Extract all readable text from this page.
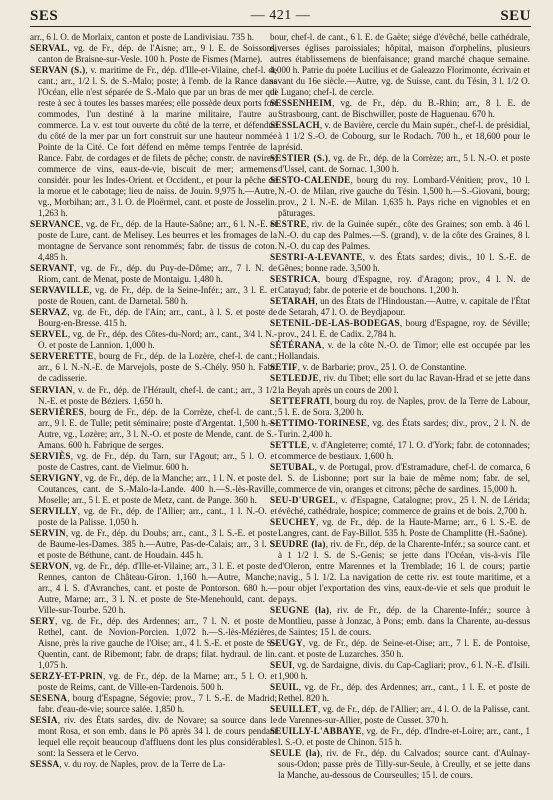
SES	— 421 —	SEU

arr., 6 l. O. de Morlaix, canton et poste de Landivisiau. 735 h.

SERVAL, vg. de Fr., dép. de l'Aisne; arr., 9 l. E. de Soissons, canton de Braisne-sur-Vesle. 100 h. Poste de Fismes (Marne).

SERVAN (S.), v. maritime de Fr., dép. d'Ille-et-Vilaine, chef-l. de cant.; arr., 1/2 l. S. de S.-Malo; poste; à l'emb. de la Rance dans l'Océan, elle n'est séparée de S.-Malo que par un bras de mer qui reste à sec à toutes les basses marées; elle possède deux ports fort commodes, l'un destiné à la marine militaire, l'autre au commerce. La v. est tout ouverte du côté de la terre, et défendue du côté de la mer par un fort construit sur une hauteur nommée Pointe de la Cité. Ce fort défend en même temps l'entrée de la Rance. Fabr. de cordages et de filets de pêche; constr. de navires; commerce de vins, eaux-de-vie, biscuit de mer; armemens considér. pour les Indes-Orient. et Occident., et pour la pêche de la morue et le cabotage; lieu de naiss. de Jouin. 9,975 h.—Autre, vg., Morbihan; arr., 3 l. O. de Ploërmel, cant. et poste de Josselin. 1,263 h.

SERVANCE, vg. de Fr., dép. de la Haute-Saône; arr., 6 l. N.-E. et poste de Lure, cant. de Melisey. Les beurres et les fromages de la montagne de Servance sont renommés; fabr. de tissus de coton. 4,485 h.

SERVANT, vg. de Fr., dép. du Puy-de-Dôme; arr., 7 l. N. de Riom, cant. de Menat, poste de Montaigu. 1,480 h.

SERVAVILLE, vg. de Fr., dép. de la Seine-Infér.; arr., 3 l. E. et poste de Rouen, cant. de Darnetal. 580 h.

SERVAZ, vg. de Fr., dép. de l'Ain; arr., cant., à l. S. et poste de Bourg-en-Bresse. 415 h.

SERVEL, vg. de Fr., dép. des Côtes-du-Nord; arr., cant., 3/4 l. N.-O. et poste de Lannion. 1,000 h.

SERVERETTE, bourg de Fr., dép. de la Lozère, chef-l. de cant.; arr., 6 l. N.-N.-E. de Marvejols, poste de S.-Chély. 950 h. Fabr. de cadisserie.

SERVIAN, v. de Fr., dép. de l'Hérault, chef-l. de cant.; arr., 3 1/2 N.-E. et poste de Béziers. 1,650 h.

SERVIÈRES, bourg de Fr., dép. de la Corrèze, chef-l. de cant.; arr., 9 l. E. de Tulle; petit séminaire; poste d'Argentat. 1,500 h.—Autre, vg., Lozère; arr., 3 l. N.-O. et poste de Mende, cant. de S.-Amans. 600 h. Fabrique de serges.

SERVIÈS, vg. de Fr., dép. du Tarn, sur l'Agout; arr., 5 l. O. et poste de Castres, cant. de Vielmur. 600 h.

SERVIGNY, vg. de Fr., dép. de la Manche; arr., 1 l. N. et poste de Coutances, cant. de S.-Malo-la-Lande. 400 h.—S.-lès-Raville, Moselle; arr., 5 l. E. et poste de Metz, cant. de Pange. 360 h.

SERVILLY, vg. de Fr., dép. de l'Allier; arr., cant., 1 l. N.-O. et poste de la Palisse. 1,050 h.

SERVIN, vg. de Fr., dép. du Doubs; arr., cant., 3 l. S.-E. et poste de Baume-les-Dames. 385 h.—Autre, Pas-de-Calais; arr., 3 l. S. et poste de Béthune, cant. de Houdain. 445 h.

SERVON, vg. de Fr., dép. d'Ille-et-Vilaine; arr., 3 l. E. et poste de Rennes, canton de Château-Giron. 1,160 h.—Autre, Manche; arr., 4 l. S. d'Avranches, cant. et poste de Pontorson. 680 h.—Autre, Marne; arr., 3 l. N. et poste de Ste-Menehould, cant. de Ville-sur-Tourbe. 520 h.

SERY, vg. de Fr., dép. des Ardennes; arr., 7 l. N. et poste de Rethel, cant. de Novion-Porcien. 1,072 h.—S.-lès-Mézières, Aisne, près la rive gauche de l'Oise; arr., 4 l. S.-E. et poste de S.-Quentin, cant. de Ribemont; fabr. de draps; filat. hydraul. de lin. 1,075 h.

SERZY-ET-PRIN, vg. de Fr., dép. de la Marne; arr., 5 l. O. et poste de Reims, cant. de Ville-en-Tardenois. 500 h.

SESENA, bourg d'Espagne, Ségovie; prov., 7 l. S.-E. de Madrid; fabr. d'eau-de-vie; source salée. 1,850 h.

SESIA, riv. des États sardes, div. de Novare; sa source dans le mont Rosa, et son emb. dans le Pô après 34 l. de cours pendant lequel elle reçoit beaucoup d'affluens dont les plus considérables sont: la Sessera et le Cervo.

SESSA, v. du roy. de Naples, prov. de la Terre de La-

bour, chef-l. de cant., 6 l. E. de Gaëte; siége d'évêché, belle cathédrale, diverses églises paroissiales; hôpital, maison d'orphelins, plusieurs autres établissemens de bienfaisance; grand marché chaque semaine. 4,000 h. Patrie du poète Lucilius et de Galeazzo Florimonte, écrivain et savant du 16e siècle.—Autre, vg. de Suisse, cant. du Tésin, 3 l. 1/2 O. de Lugano; chef-l. de cercle.

SESSENHEIM, vg. de Fr., dép. du B.-Rhin; arr., 8 l. E. de Strasbourg, cant. de Bischwiller, poste de Haguenau. 670 h.

SESSLACH, v. de Bavière, cercle du Main supér., chef-l. de présidial, à 1 1/2 S.-O. de Cobourg, sur le Rodach. 700 h., et 18,600 pour le présid.

SESTIER (S.), vg. de Fr., dép. de la Corrèze; arr., 5 l. N.-O. et poste d'Ussel, cant. de Sornac. 1,300 h.

SESTO-CALENDE, bourg du roy. Lombard-Vénitien; prov., 10 l. N.-O. de Milan, rive gauche du Tésin. 1,500 h.—S.-Giovani, bourg; prov., 2 l. N.-E. de Milan. 1,635 h. Pays riche en vignobles et en pâturages.

SESTRE, riv. de la Guinée supér., côte des Graines; son emb. à 46 l. N.-O. du cap des Palmes.—S. (grand), v. de la côte des Graines, 8 l. N.-O. du cap des Palmes.

SESTRI-A-LEVANTE, v. des États sardes; divis., 10 l. S.-E. de Gênes; bonne rade. 3,500 h.

SESTRICA, bourg d'Espagne, roy. d'Aragon; prov., 4 l. N. de Catayud; fabr. de poterie et de bouchons. 1,200 h.

SETARAH, un des États de l'Hindoustan.—Autre, v. capitale de l'État de Setarah, 47 l. O. de Beydjapour.

SETENIL-DE-LAS-BODEGAS, bourg d'Espagne, roy. de Séville; prov., 24 l. E. de Cadix. 2,784 h.

SÉTÉRANA, v. de la côte N.-O. de Timor; elle est occupée par les Hollandais.

SETIF, v. de Barbarie; prov., 25 l. O. de Constantine.

SETLEDJE, riv. du Tibet; elle sort du lac Ravan-Hrad et se jette dans la Beyah après un cours de 200 l.

SETTEFRATI, bourg du roy. de Naples, prov. de la Terre de Labour, 5 l. E. de Sora. 3,200 h.

SETTIMO-TORINESE, vg. des États sardes; div., prov., 2 l. N. de Turin. 2,400 h.

SETTLE, v. d'Angleterre; comté, 17 l. O. d'York; fabr. de cotonnades; commerce de bestiaux. 1,600 h.

SETUBAL, v. de Portugal, prov. d'Estramadure, chef-l. de comarca, 6 l. S. de Lisbonne; port sur la baie de même nom; fabr. de sel, commerce de vin, oranges et citrons; pêche de sardines. 15,000 h.

SEU-D'URGEL, v. d'Espagne, Catalogne; prov., 25 l. N. de Lérida; évêché, cathédrale, hospice; commerce de grains et de bois. 2,700 h.

SEUCHEY, vg. de Fr., dép. de la Haute-Marne; arr., 6 l. S.-E. de Langres, cant. de Fay-Billot. 535 h. Poste de Champlitte (H.-Saône).

SEUDRE (la), riv. de Fr., dép. de la Charente-Infér.; sa source cant. et à 1 1/2 l. S. de S.-Genis; se jette dans l'Océan, vis-à-vis l'île d'Oleron, entre Marennes et la Tremblade; 16 l. de cours; partie navig., 5 l. 1/2. La navigation de cette riv. est toute maritime, et a pour objet l'exportation des vins, eaux-de-vie et sels que produit le pays.

SEUGNE (la), riv. de Fr., dép. de la Charente-Infér.; source à Montlieu, passe à Jonzac, à Pons; emb. dans la Charente, au-dessus de Saintes; 15 l. de cours.

SEUGY, vg. de Fr., dép. de Seine-et-Oise; arr., 7 l. E. de Pontoise, cant. et poste de Luzarches. 350 h.

SEUI, vg. de Sardaigne, divis. du Cap-Cagliari; prov., 6 l. N.-E. d'Isili. 1,900 h.

SEUIL, vg. de Fr., dép. des Ardennes; arr., cant., 1 l. E. et poste de Rethel. 820 h.

SEUILLET, vg. de Fr., dép. de l'Allier; arr., 4 l. O. de la Palisse, cant. de Varennes-sur-Allier, poste de Cusset. 370 h.

SEUILLY-L'ABBAYE, vg. de Fr., dép. d'Indre-et-Loire; arr., cant., 1 l. S.-O. et poste de Chinon. 515 h.

SEULE (la), riv. de Fr., dép. du Calvados; source cant. d'Aulnay-sous-Odon; passe près de Tilly-sur-Seule, à Creully, et se jette dans la Manche, au-dessous de Courseulles; 15 l. de cours.
